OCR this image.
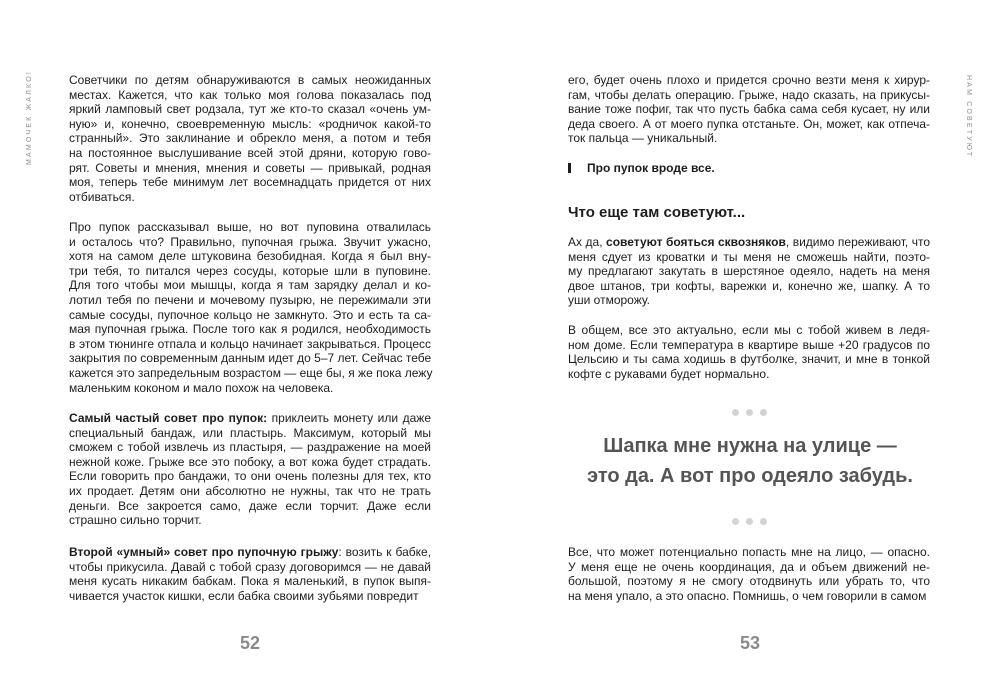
МАМОЧЕК ЖАЛКО!	Советчики по детям обнаруживаются в самых неожиданных
местах. Кажется, что как только моя голова показалась под
яркий ламповый свет родзала, тут же кто-то сказал «очень ум-
ную» и, конечно, своевременную мысль: «родничок какой-то
странный». Это заклинание и обрекло меня, а потом и тебя
на постоянное выслушивание всей этой дряни, которую гово-
рят. Советы и мнения, мнения и советы — привыкай, родная
моя, теперь тебе минимум лет восемнадцать придется от них
отбиваться.
Про пупок рассказывал выше, но вот пуповина отвалилась
и осталось что? Правильно, пупочная грыжа. Звучит ужасно,
хотя на самом деле штуковина безобидная. Когда я был вну-
три тебя, то питался через сосуды, которые шли в пуповине.
Для того чтобы мои мышцы, когда я там зарядку делал и ко-
лотил тебя по печени и мочевому пузырю, не пережимали эти
самые сосуды, пупочное кольцо не замкнуто. Это и есть та са-
мая пупочная грыжа. После того как я родился, необходимость
в этом тюнинге отпала и кольцо начинает закрываться. Процесс
закрытия по современным данным идет до 5–7 лет. Сейчас тебе
кажется это запредельным возрастом — еще бы, я же пока лежу
маленьким коконом и мало похож на человека.
Самый частый совет про пупок: приклеить монету или даже
специальный бандаж, или пластырь. Максимум, который мы
сможем с тобой извлечь из пластыря, — раздражение на моей
нежной коже. Грыже все это побоку, а вот кожа будет страдать.
Если говорить про бандажи, то они очень полезны для тех, кто
их продает. Детям они абсолютно не нужны, так что не трать
деньги. Все закроется само, даже если торчит. Даже если
страшно сильно торчит.
Второй «умный» совет про пупочную грыжу: возить к бабке,
чтобы прикусила. Давай с тобой сразу договоримся — не давай
меня кусать никаким бабкам. Пока я маленький, в пупок выпя-
чивается участок кишки, если бабка своими зубьями повредит
52
его, будет очень плохо и придется срочно везти меня к хирур-
гам, чтобы делать операцию. Грыже, надо сказать, на прикусы-
вание тоже пофиг, так что пусть бабка сама себя кусает, ну или
деда своего. А от моего пупка отстаньте. Он, может, как отпеча-
ток пальца — уникальный.
Про пупок вроде все.
Что еще там советуют...
Ах да, советуют бояться сквозняков, видимо переживают, что
меня сдует из кроватки и ты меня не сможешь найти, поэто-
му предлагают закутать в шерстяное одеяло, надеть на меня
двое штанов, три кофты, варежки и, конечно же, шапку. А то
уши отморожу.
В общем, все это актуально, если мы с тобой живем в ледя-
ном доме. Если температура в квартире выше +20 градусов по
Цельсию и ты сама ходишь в футболке, значит, и мне в тонкой
кофте с рукавами будет нормально.
Шапка мне нужна на улице —
это да. А вот про одеяло забудь.
Все, что может потенциально попасть мне на лицо, — опасно.
У меня еще не очень координация, да и объем движений не-
большой, поэтому я не смогу отодвинуть или убрать то, что
на меня упало, а это опасно. Помнишь, о чем говорили в самом
53
НАМ СОВЕТУЮТ
